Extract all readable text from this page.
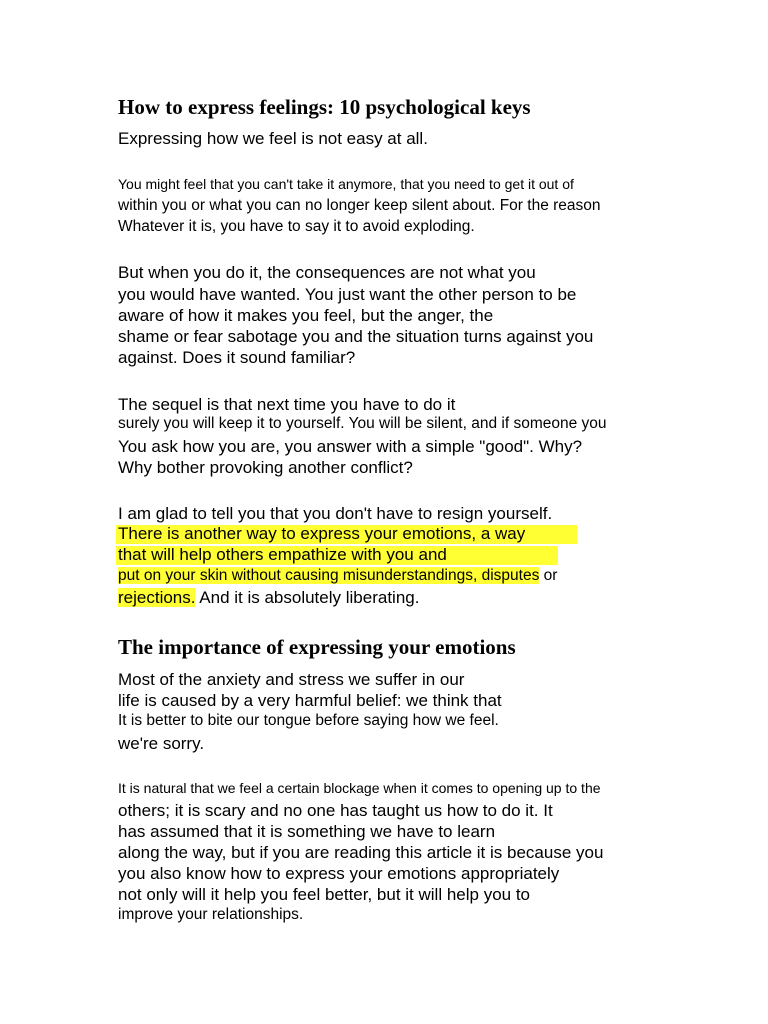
How to express feelings: 10 psychological keys
Expressing how we feel is not easy at all.
You might feel that you can't take it anymore, that you need to get it out of
within you or what you can no longer keep silent about. For the reason
Whatever it is, you have to say it to avoid exploding.
But when you do it, the consequences are not what you
you would have wanted. You just want the other person to be
aware of how it makes you feel, but the anger, the
shame or fear sabotage you and the situation turns against you
against. Does it sound familiar?
The sequel is that next time you have to do it
surely you will keep it to yourself. You will be silent, and if someone you
You ask how you are, you answer with a simple "good". Why?
Why bother provoking another conflict?
I am glad to tell you that you don't have to resign yourself.
There is another way to express your emotions, a way
that will help others empathize with you and
put on your skin without causing misunderstandings, disputes or
rejections. And it is absolutely liberating.
The importance of expressing your emotions
Most of the anxiety and stress we suffer in our
life is caused by a very harmful belief: we think that
It is better to bite our tongue before saying how we feel.
we're sorry.
It is natural that we feel a certain blockage when it comes to opening up to the
others; it is scary and no one has taught us how to do it. It
has assumed that it is something we have to learn
along the way, but if you are reading this article it is because you
you also know how to express your emotions appropriately
not only will it help you feel better, but it will help you to
improve your relationships.
